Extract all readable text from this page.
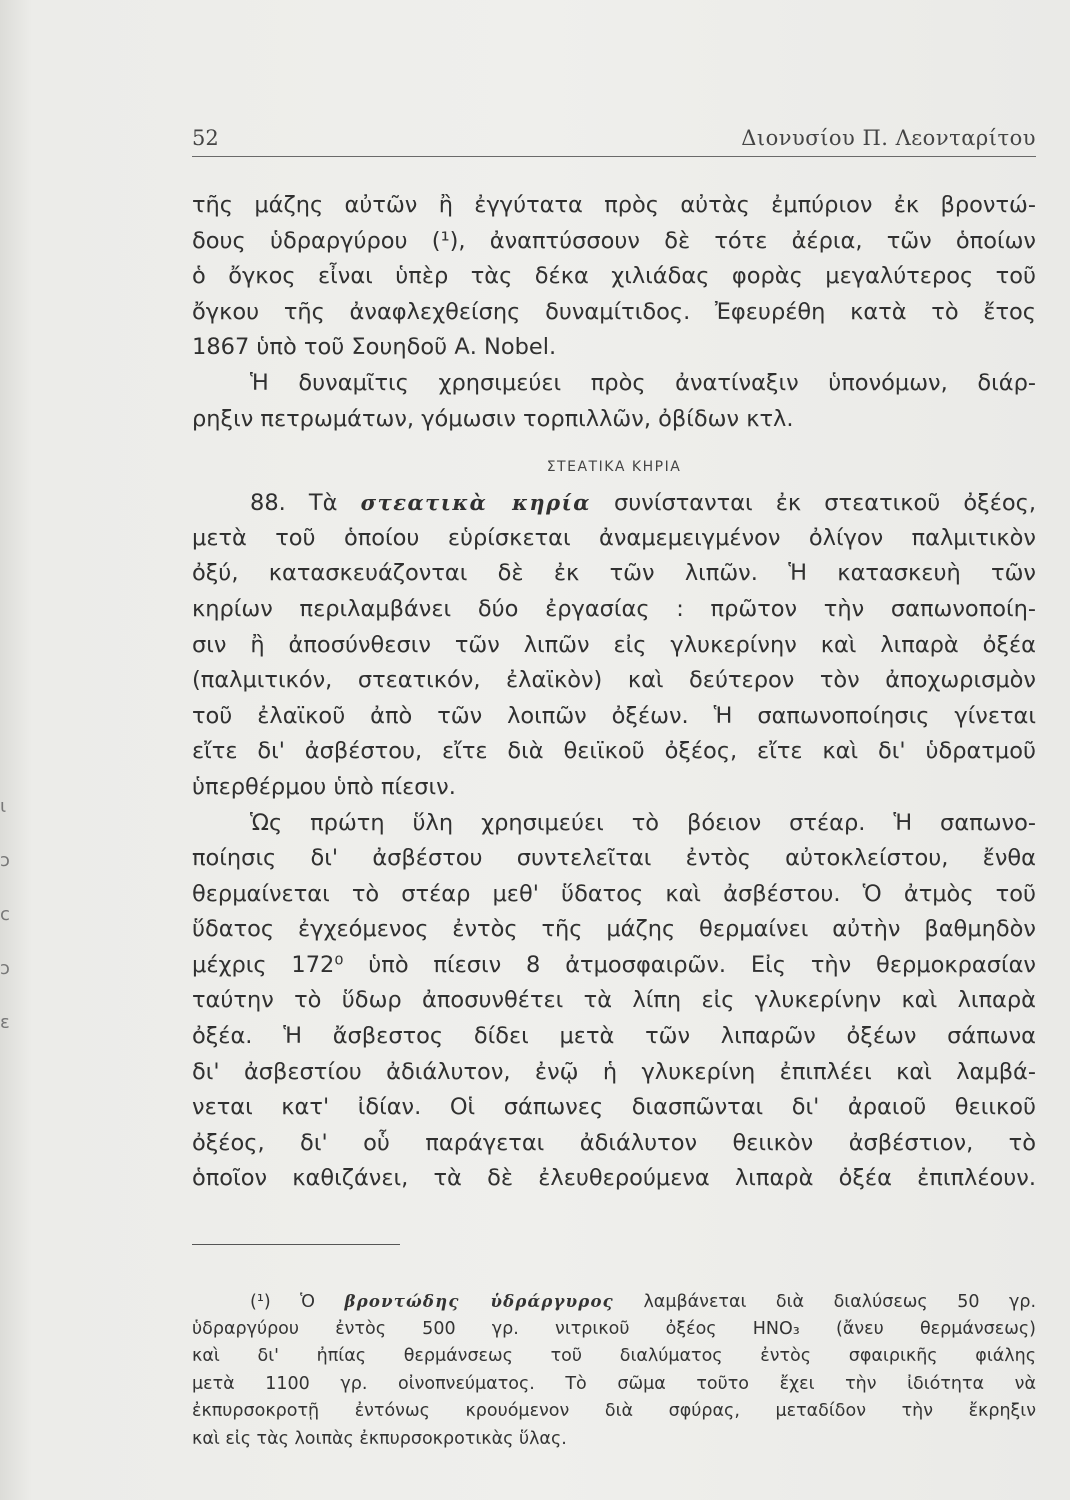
ι
ɔ
c
ɔ
ε
52	Διονυσίου Π. Λεονταρίτου
τῆς μάζης αὐτῶν ἢ ἐγγύτατα πρὸς αὐτὰς ἐμπύριον ἐκ βροντώ-
δους ὑδραργύρου (¹), ἀναπτύσσουν δὲ τότε ἀέρια, τῶν ὁποίων
ὁ ὄγκος εἶναι ὑπὲρ τὰς δέκα χιλιάδας φορὰς μεγαλύτερος τοῦ
ὄγκου τῆς ἀναφλεχθείσης δυναμίτιδος. Ἐφευρέθη κατὰ τὸ ἔτος
1867 ὑπὸ τοῦ Σουηδοῦ Α. Nobel.
Ἡ δυναμῖτις χρησιμεύει πρὸς ἀνατίναξιν ὑπονόμων, διάρ-
ρηξιν πετρωμάτων, γόμωσιν τορπιλλῶν, ὀβίδων κτλ.
ΣΤΕΑΤΙΚΑ ΚΗΡΙΑ
88. Τὰ στεατικὰ κηρία συνίστανται ἐκ στεατικοῦ ὀξέος,
μετὰ τοῦ ὁποίου εὑρίσκεται ἀναμεμειγμένον ὀλίγον παλμιτικὸν
ὀξύ, κατασκευάζονται δὲ ἐκ τῶν λιπῶν. Ἡ κατασκευὴ τῶν
κηρίων περιλαμβάνει δύο ἐργασίας : πρῶτον τὴν σαπωνοποίη-
σιν ἢ ἀποσύνθεσιν τῶν λιπῶν εἰς γλυκερίνην καὶ λιπαρὰ ὀξέα
(παλμιτικόν, στεατικόν, ἐλαϊκὸν) καὶ δεύτερον τὸν ἀποχωρισμὸν
τοῦ ἐλαϊκοῦ ἀπὸ τῶν λοιπῶν ὀξέων. Ἡ σαπωνοποίησις γίνεται
εἴτε δι' ἀσβέστου, εἴτε διὰ θειϊκοῦ ὀξέος, εἴτε καὶ δι' ὑδρατμοῦ
ὑπερθέρμου ὑπὸ πίεσιν.
Ὡς πρώτη ὕλη χρησιμεύει τὸ βόειον στέαρ. Ἡ σαπωνο-
ποίησις δι' ἀσβέστου συντελεῖται ἐντὸς αὐτοκλείστου, ἔνθα
θερμαίνεται τὸ στέαρ μεθ' ὕδατος καὶ ἀσβέστου. Ὁ ἀτμὸς τοῦ
ὕδατος ἐγχεόμενος ἐντὸς τῆς μάζης θερμαίνει αὐτὴν βαθμηδὸν
μέχρις 172⁰ ὑπὸ πίεσιν 8 ἀτμοσφαιρῶν. Εἰς τὴν θερμοκρασίαν
ταύτην τὸ ὕδωρ ἀποσυνθέτει τὰ λίπη εἰς γλυκερίνην καὶ λιπαρὰ
ὀξέα. Ἡ ἄσβεστος δίδει μετὰ τῶν λιπαρῶν ὀξέων σάπωνα
δι' ἀσβεστίου ἀδιάλυτον, ἐνῷ ἡ γλυκερίνη ἐπιπλέει καὶ λαμβά-
νεται κατ' ἰδίαν. Οἱ σάπωνες διασπῶνται δι' ἀραιοῦ θειικοῦ
ὀξέος, δι' οὗ παράγεται ἀδιάλυτον θειικὸν ἀσβέστιον, τὸ
ὁποῖον καθιζάνει, τὰ δὲ ἐλευθερούμενα λιπαρὰ ὀξέα ἐπιπλέουν.
(¹) Ὁ βροντώδης ὑδράργυρος λαμβάνεται διὰ διαλύσεως 50 γρ.
ὑδραργύρου ἐντὸς 500 γρ. νιτρικοῦ ὀξέος HNO₃ (ἄνευ θερμάνσεως)
καὶ δι' ἠπίας θερμάνσεως τοῦ διαλύματος ἐντὸς σφαιρικῆς φιάλης
μετὰ 1100 γρ. οἰνοπνεύματος. Τὸ σῶμα τοῦτο ἔχει τὴν ἰδιότητα νὰ
ἐκπυρσοκροτῇ ἐντόνως κρουόμενον διὰ σφύρας, μεταδίδον τὴν ἔκρηξιν
καὶ εἰς τὰς λοιπὰς ἐκπυρσοκροτικὰς ὕλας.
